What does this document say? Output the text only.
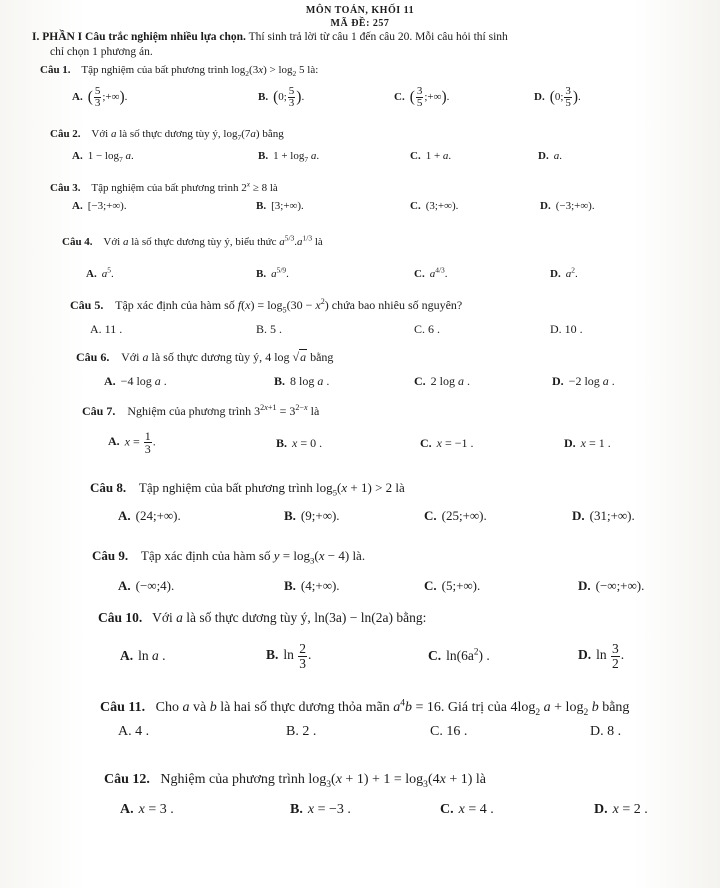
MÔN TOÁN, KHỐI 11
MÃ ĐỀ: 257
I. PHẦN I Câu trắc nghiệm nhiều lựa chọn. Thí sinh trả lời từ câu 1 đến câu 20. Mỗi câu hỏi thí sinh
chỉ chọn 1 phương án.
Câu 1. Tập nghiệm của bất phương trình $\log_2(3x) > \log_2 5$ là:
A. ( $\frac{5}{3}$ ;+∞).	B. (0; $\frac{5}{3}$ ).	C. ( $\frac{3}{5}$ ;+∞).	D. (0; $\frac{3}{5}$ ).
Câu 2. Với a là số thực dương tùy ý, $\log_7(7a)$ bằng
A. $1 - \log_7 a$.	B. $1 + \log_7 a$.	C. 1 + a.	D. a.
Câu 3. Tập nghiệm của bất phương trình $2^x \ge 8$ là
A. [−3;+∞).	B. [3;+∞).	C. (3;+∞).	D. (−3;+∞).
Câu 4. Với a là số thực dương tùy ý, biểu thức $a^{5/3}.a^{1/3}$ là
A. $a^5$.	B. $a^{5/9}$.	C. $a^{4/3}$.	D. $a^2$.
Câu 5. Tập xác định của hàm số $f(x) = \log_5(30 - x^2)$ chứa bao nhiêu số nguyên?
A. 11 .	B. 5 .	C. 6 .	D. 10 .
Câu 6. Với a là số thực dương tùy ý, 4 log √a bằng
A. −4 log a .	B. 8 log a .	C. 2 log a .	D. −2 log a .
Câu 7. Nghiệm của phương trình $3^{2x+1} = 3^{2-x}$ là
A. $x = \frac{1}{3}$ .	B. x = 0 .	C. x = −1 .	D. x = 1 .
Câu 8. Tập nghiệm của bất phương trình $\log_5(x + 1) > 2$ là
A. (24;+∞).	B. (9;+∞).	C. (25;+∞).	D. (31;+∞).
Câu 9. Tập xác định của hàm số $y = \log_3(x - 4)$ là.
A. (−∞;4).	B. (4;+∞).	C. (5;+∞).	D. (−∞;+∞).
Câu 10. Với a là số thực dương tùy ý, ln(3a) − ln(2a) bằng:
A. ln a .	B. $\ln \frac{2}{3}$ .	C. $\ln(6a^2)$ .	D. $\ln \frac{3}{2}$ .
Câu 11. Cho a và b là hai số thực dương thỏa mãn $a^4b = 16$. Giá trị của $4\log_2$ $a + \log_2 b$ bằng
A. 4 .	B. 2 .	C. 16 .	D. 8 .
Câu 12. Nghiệm của phương trình $\log_3(x + 1) + 1 = \log_3(4x + 1)$ là
A. x = 3 .	B. x = −3 .	C. x = 4 .	D. x = 2 .
